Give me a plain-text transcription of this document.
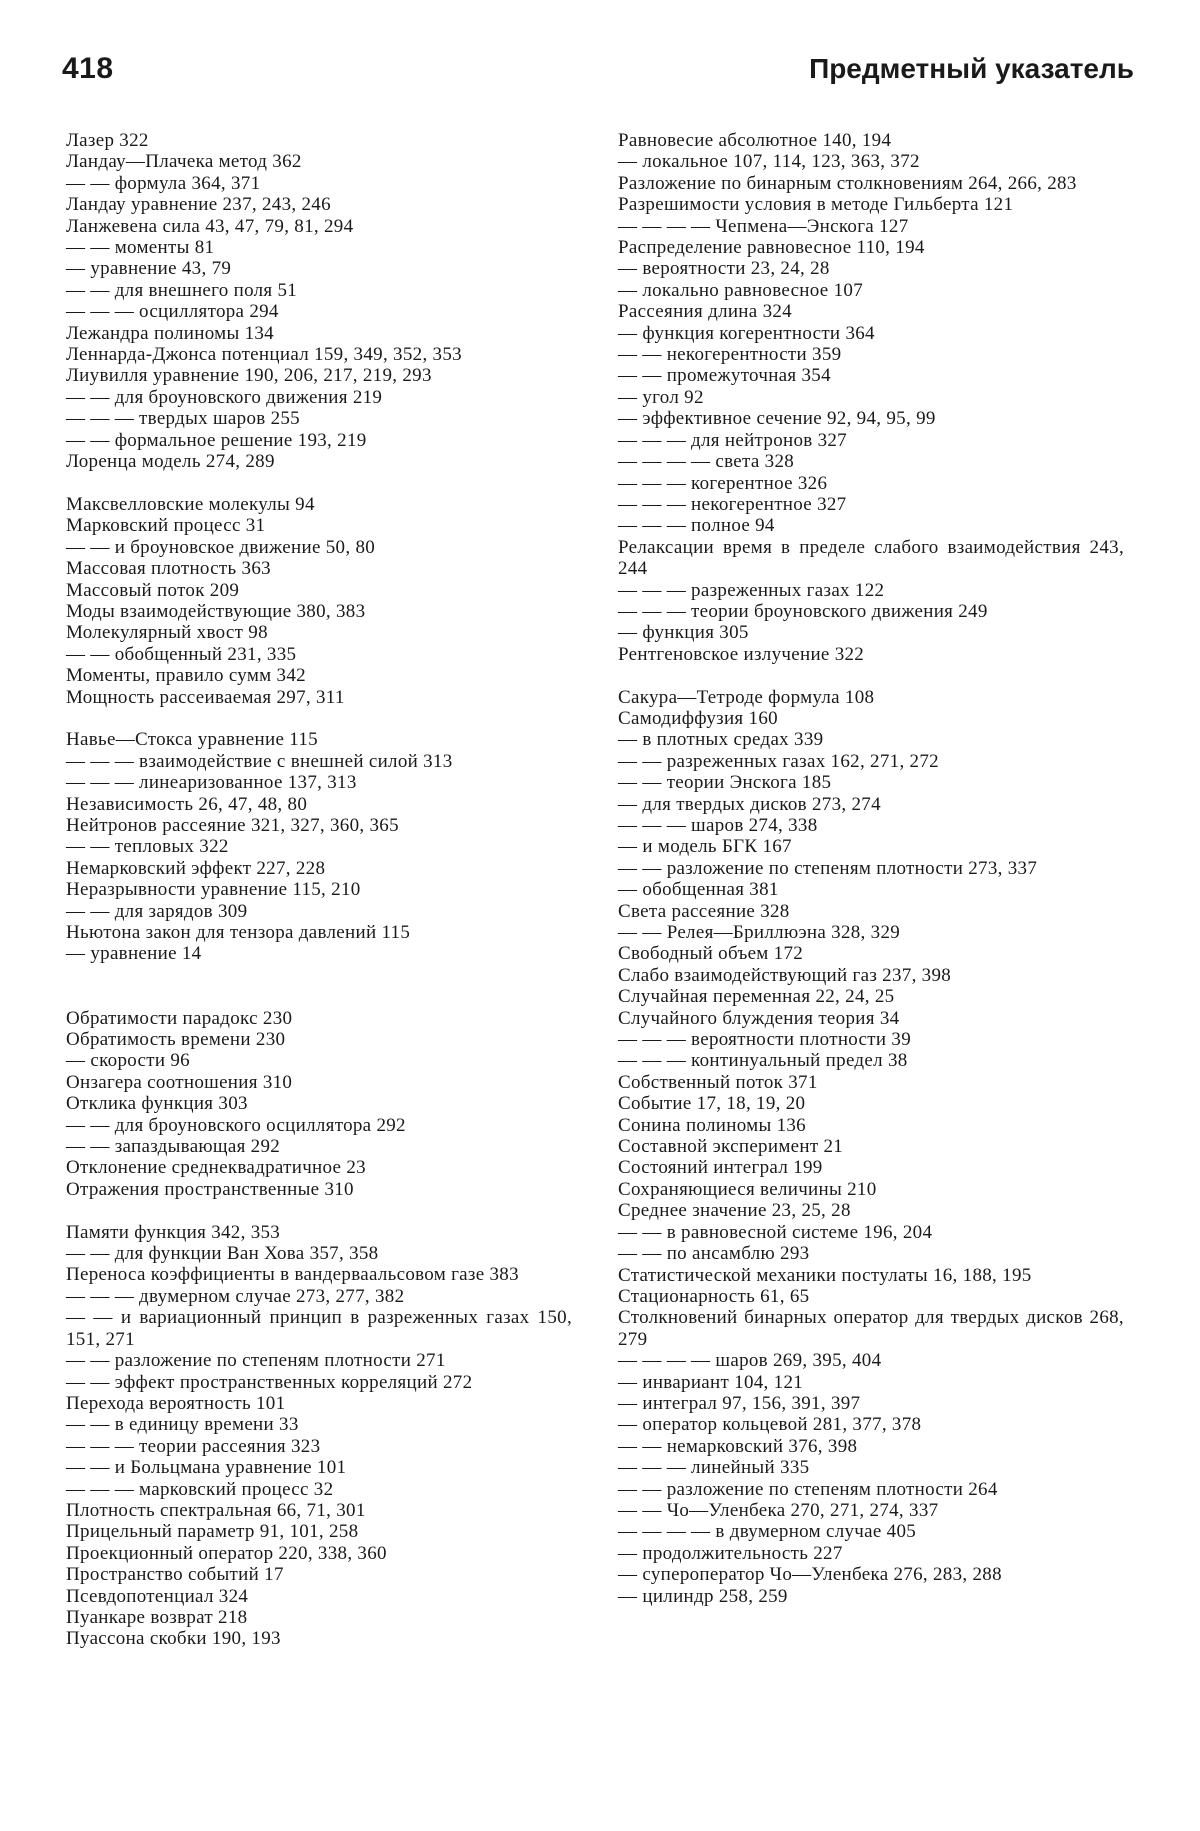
418	Предметный указатель

Лазер 322

Ландау—Плачека метод 362

— — формула 364, 371

Ландау уравнение 237, 243, 246

Ланжевена сила 43, 47, 79, 81, 294

— — моменты 81

— уравнение 43, 79

— — для внешнего поля 51

— — — осциллятора 294

Лежандра полиномы 134

Леннарда-Джонса потенциал 159, 349, 352, 353

Лиувилля уравнение 190, 206, 217, 219, 293

— — для броуновского движения 219

— — — твердых шаров 255

— — формальное решение 193, 219

Лоренца модель 274, 289

Максвелловские молекулы 94

Марковский процесс 31

— — и броуновское движение 50, 80

Массовая плотность 363

Массовый поток 209

Моды взаимодействующие 380, 383

Молекулярный хвост 98

— — обобщенный 231, 335

Моменты, правило сумм 342

Мощность рассеиваемая 297, 311

Навье—Стокса уравнение 115

— — — взаимодействие с внешней силой 313

— — — линеаризованное 137, 313

Независимость 26, 47, 48, 80

Нейтронов рассеяние 321, 327, 360, 365

— — тепловых 322

Немарковский эффект 227, 228

Неразрывности уравнение 115, 210

— — для зарядов 309

Ньютона закон для тензора давлений 115

— уравнение 14

Обратимости парадокс 230

Обратимость времени 230

— скорости 96

Онзагера соотношения 310

Отклика функция 303

— — для броуновского осциллятора 292

— — запаздывающая 292

Отклонение среднеквадратичное 23

Отражения пространственные 310

Памяти функция 342, 353

— — для функции Ван Хова 357, 358

Переноса коэффициенты в вандерваальсовом газе 383

— — — двумерном случае 273, 277, 382

— — и вариационный принцип в разреженных газах 150, 151, 271

— — разложение по степеням плотности 271

— — эффект пространственных корреляций 272

Перехода вероятность 101

— — в единицу времени 33

— — — теории рассеяния 323

— — и Больцмана уравнение 101

— — — марковский процесс 32

Плотность спектральная 66, 71, 301

Прицельный параметр 91, 101, 258

Проекционный оператор 220, 338, 360

Пространство событий 17

Псевдопотенциал 324

Пуанкаре возврат 218

Пуассона скобки 190, 193

Равновесие абсолютное 140, 194

— локальное 107, 114, 123, 363, 372

Разложение по бинарным столкновениям 264, 266, 283

Разрешимости условия в методе Гильберта 121

— — — — Чепмена—Энскога 127

Распределение равновесное 110, 194

— вероятности 23, 24, 28

— локально равновесное 107

Рассеяния длина 324

— функция когерентности 364

— — некогерентности 359

— — промежуточная 354

— угол 92

— эффективное сечение 92, 94, 95, 99

— — — для нейтронов 327

— — — — света 328

— — — когерентное 326

— — — некогерентное 327

— — — полное 94

Релаксации время в пределе слабого взаимодействия 243, 244

— — — разреженных газах 122

— — — теории броуновского движения 249

— функция 305

Рентгеновское излучение 322

Сакура—Тетроде формула 108

Самодиффузия 160

— в плотных средах 339

— — разреженных газах 162, 271, 272

— — теории Энскога 185

— для твердых дисков 273, 274

— — — шаров 274, 338

— и модель БГК 167

— — разложение по степеням плотности 273, 337

— обобщенная 381

Света рассеяние 328

— — Релея—Бриллюэна 328, 329

Свободный объем 172

Слабо взаимодействующий газ 237, 398

Случайная переменная 22, 24, 25

Случайного блуждения теория 34

— — — вероятности плотности 39

— — — континуальный предел 38

Собственный поток 371

Событие 17, 18, 19, 20

Сонина полиномы 136

Составной эксперимент 21

Состояний интеграл 199

Сохраняющиеся величины 210

Среднее значение 23, 25, 28

— — в равновесной системе 196, 204

— — по ансамблю 293

Статистической механики постулаты 16, 188, 195

Стационарность 61, 65

Столкновений бинарных оператор для твердых дисков 268, 279

— — — — шаров 269, 395, 404

— инвариант 104, 121

— интеграл 97, 156, 391, 397

— оператор кольцевой 281, 377, 378

— — немарковский 376, 398

— — — линейный 335

— — разложение по степеням плотности 264

— — Чо—Уленбека 270, 271, 274, 337

— — — — в двумерном случае 405

— продолжительность 227

— супероператор Чо—Уленбека 276, 283, 288

— цилиндр 258, 259
